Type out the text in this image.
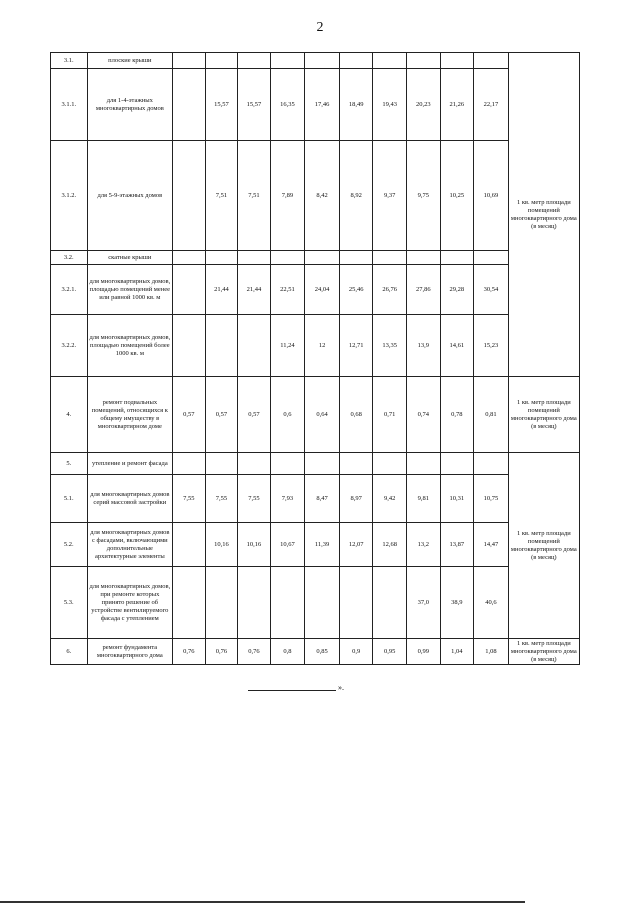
2
3.1.	плоские крыши											1 кв. метр площади помещений многоквартирного дома (в месяц)
3.1.1.	для 1-4-этажных многоквартирных домов		15,57	15,57	16,35	17,46	18,49	19,43	20,23	21,26	22,17	
3.1.2.	для 5-9-этажных домов		7,51	7,51	7,89	8,42	8,92	9,37	9,75	10,25	10,69	
3.2.	скатные крыши											
3.2.1.	для многоквартирных домов, площадью помещений менее или равной 1000 кв. м		21,44	21,44	22,51	24,04	25,46	26,76	27,86	29,28	30,54	
3.2.2.	для многоквартирных домов, площадью помещений более 1000 кв. м				11,24	12	12,71	13,35	13,9	14,61	15,23	
4.	ремонт подвальных помещений, относящихся к общему имуществу в многоквартирном доме	0,57	0,57	0,57	0,6	0,64	0,68	0,71	0,74	0,78	0,81	1 кв. метр площади помещений многоквартирного дома (в месяц)
5.	утепление и ремонт фасада											1 кв. метр площади помещений многоквартирного дома (в месяц)
5.1.	для многоквартирных домов серий массовой застройки	7,55	7,55	7,55	7,93	8,47	8,97	9,42	9,81	10,31	10,75	
5.2.	для многоквартирных домов с фасадами, включающими дополнительные архитектурные элементы		10,16	10,16	10,67	11,39	12,07	12,68	13,2	13,87	14,47	
5.3.	для многоквартирных домов, при ремонте которых принято решение об устройстве вентилируемого фасада с утеплением								37,0	38,9	40,6	
6.	ремонт фундамента многоквартирного дома	0,76	0,76	0,76	0,8	0,85	0,9	0,95	0,99	1,04	1,08	1 кв. метр площади многоквартирного дома (в месяц)
».
